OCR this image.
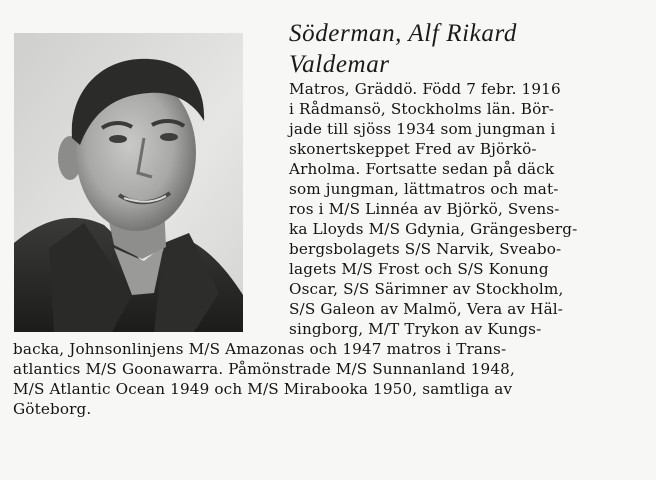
Söderman, Alf Rikard
Valdemar

Matros, Gräddö. Född 7 febr. 1916

i Rådmansö, Stockholms län. Bör-

jade till sjöss 1934 som jungman i

skonertskeppet Fred av Björkö-

Arholma. Fortsatte sedan på däck

som jungman, lättmatros och mat-

ros i M/S Linnéa av Björkö, Svens-

ka Lloyds M/S Gdynia, Grängesberg-

bergsbolagets S/S Narvik, Sveabo-

lagets M/S Frost och S/S Konung

Oscar, S/S Särimner av Stockholm,

S/S Galeon av Malmö, Vera av Häl-

singborg, M/T Trykon av Kungs-

backa, Johnsonlinjens M/S Amazonas och 1947 matros i Trans-

atlantics M/S Goonawarra. Påmönstrade M/S Sunnanland 1948,

M/S Atlantic Ocean 1949 och M/S Mirabooka 1950, samtliga av

Göteborg.
